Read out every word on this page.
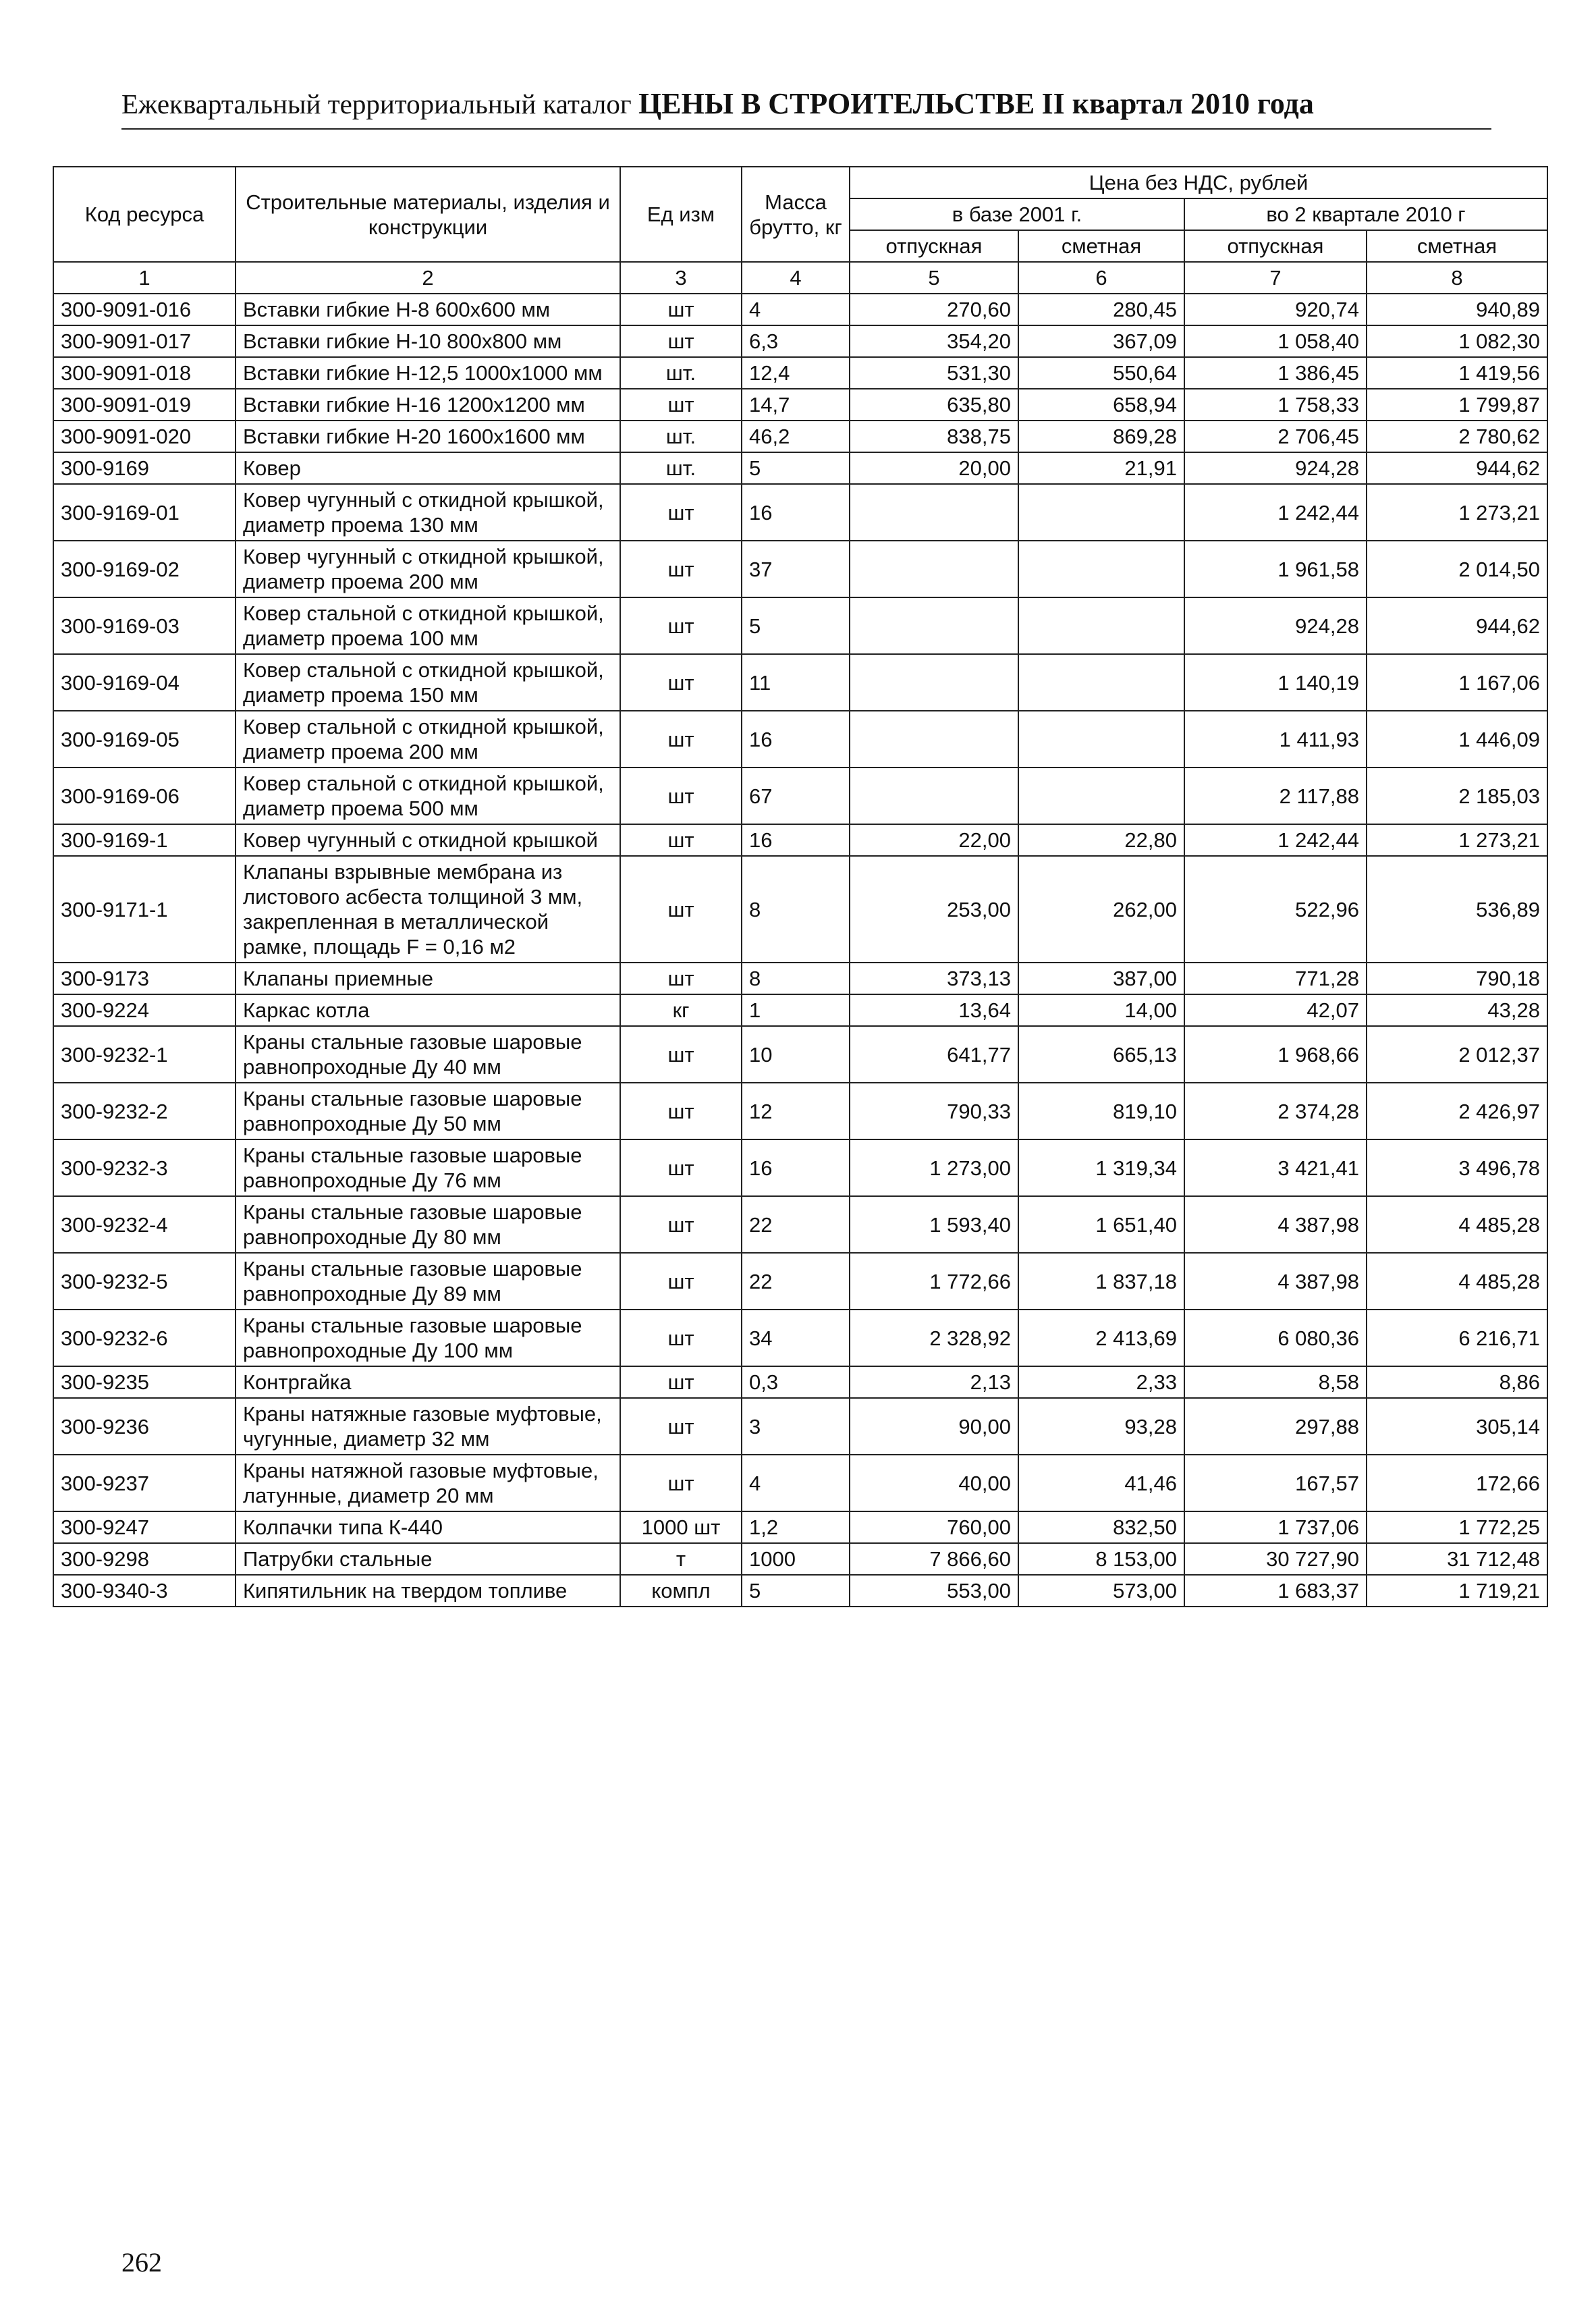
Ежеквартальный территориальный каталог ЦЕНЫ В СТРОИТЕЛЬСТВЕ II квартал 2010 года
Код ресурса	Строительные материалы, изделия и конструкции	Ед изм	Масса брутто, кг	Цена без НДС, рублей			
				в базе 2001 г.		во 2 квартале 2010 г	
				отпускная	сметная	отпускная	сметная
1	2	3	4	5	6	7	8
300-9091-016	Вставки гибкие Н-8 600х600 мм	шт	4	270,60	280,45	920,74	940,89
300-9091-017	Вставки гибкие Н-10 800х800 мм	шт	6,3	354,20	367,09	1 058,40	1 082,30
300-9091-018	Вставки гибкие Н-12,5 1000х1000 мм	шт.	12,4	531,30	550,64	1 386,45	1 419,56
300-9091-019	Вставки гибкие Н-16 1200х1200 мм	шт	14,7	635,80	658,94	1 758,33	1 799,87
300-9091-020	Вставки гибкие Н-20 1600х1600 мм	шт.	46,2	838,75	869,28	2 706,45	2 780,62
300-9169	Ковер	шт.	5	20,00	21,91	924,28	944,62
300-9169-01	Ковер чугунный с откидной крышкой, диаметр проема 130 мм	шт	16			1 242,44	1 273,21
300-9169-02	Ковер чугунный с откидной крышкой, диаметр проема 200 мм	шт	37			1 961,58	2 014,50
300-9169-03	Ковер стальной с откидной крышкой, диаметр проема 100 мм	шт	5			924,28	944,62
300-9169-04	Ковер стальной с откидной крышкой, диаметр проема 150 мм	шт	11			1 140,19	1 167,06
300-9169-05	Ковер стальной с откидной крышкой, диаметр проема 200 мм	шт	16			1 411,93	1 446,09
300-9169-06	Ковер стальной с откидной крышкой, диаметр проема 500 мм	шт	67			2 117,88	2 185,03
300-9169-1	Ковер чугунный с откидной крышкой	шт	16	22,00	22,80	1 242,44	1 273,21
300-9171-1	Клапаны взрывные мембрана из листового асбеста толщиной 3 мм, закрепленная в металлической рамке, площадь F = 0,16 м2	шт	8	253,00	262,00	522,96	536,89
300-9173	Клапаны приемные	шт	8	373,13	387,00	771,28	790,18
300-9224	Каркас котла	кг	1	13,64	14,00	42,07	43,28
300-9232-1	Краны стальные газовые шаровые равнопроходные Ду 40 мм	шт	10	641,77	665,13	1 968,66	2 012,37
300-9232-2	Краны стальные газовые шаровые равнопроходные Ду 50 мм	шт	12	790,33	819,10	2 374,28	2 426,97
300-9232-3	Краны стальные газовые шаровые равнопроходные Ду 76 мм	шт	16	1 273,00	1 319,34	3 421,41	3 496,78
300-9232-4	Краны стальные газовые шаровые равнопроходные Ду 80 мм	шт	22	1 593,40	1 651,40	4 387,98	4 485,28
300-9232-5	Краны стальные газовые шаровые равнопроходные Ду 89 мм	шт	22	1 772,66	1 837,18	4 387,98	4 485,28
300-9232-6	Краны стальные газовые шаровые равнопроходные Ду 100 мм	шт	34	2 328,92	2 413,69	6 080,36	6 216,71
300-9235	Контргайка	шт	0,3	2,13	2,33	8,58	8,86
300-9236	Краны натяжные газовые муфтовые, чугунные, диаметр 32 мм	шт	3	90,00	93,28	297,88	305,14
300-9237	Краны натяжной газовые муфтовые, латунные, диаметр 20 мм	шт	4	40,00	41,46	167,57	172,66
300-9247	Колпачки типа К-440	1000 шт	1,2	760,00	832,50	1 737,06	1 772,25
300-9298	Патрубки стальные	т	1000	7 866,60	8 153,00	30 727,90	31 712,48
300-9340-3	Кипятильник на твердом топливе	компл	5	553,00	573,00	1 683,37	1 719,21
262
